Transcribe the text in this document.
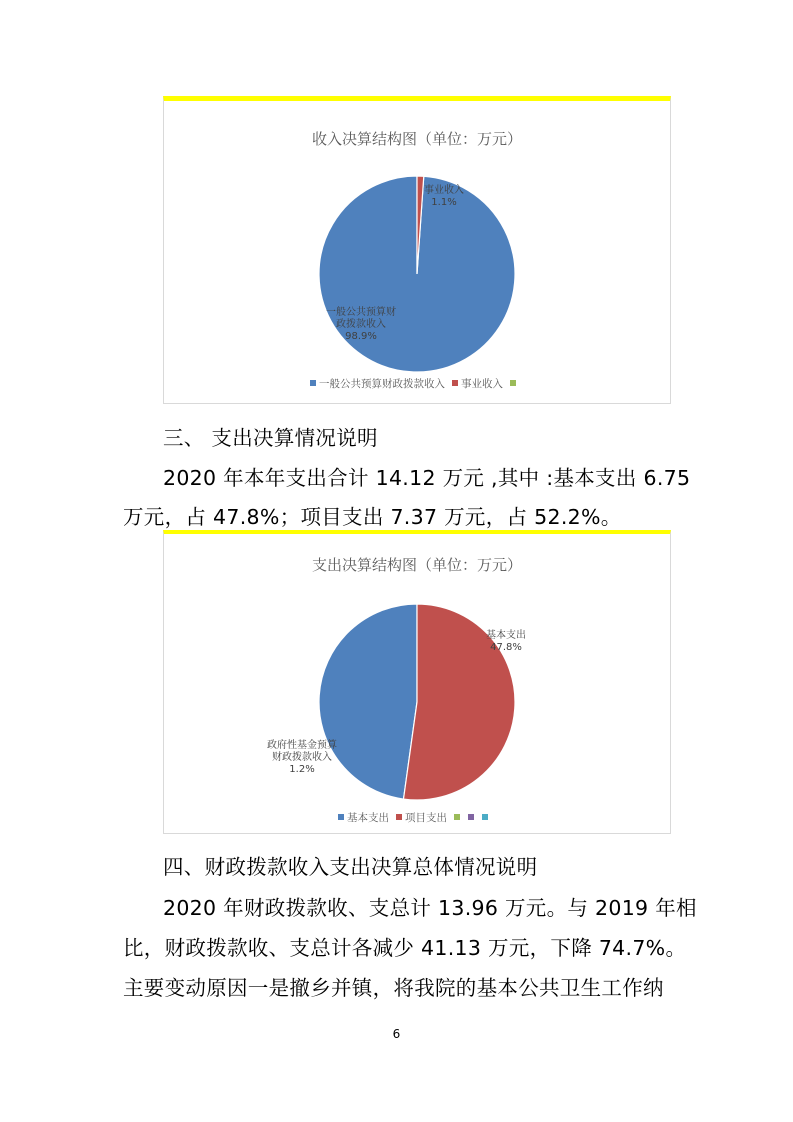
收入决算结构图（单位：万元）
一般公共预算财
政拨款收入
98.9%
事业收入
1.1%
一般公共预算财政拨款收入 事业收入
三、 支出决算情况说明
2020 年本年支出合计 14.12 万元 ,其中 :基本支出 6.75
万元，占 47.8%；项目支出 7.37 万元，占 52.2%。
支出决算结构图（单位：万元）
基本支出
47.8%
政府性基金预算
财政拨款收入
1.2%
基本支出 项目支出
四、财政拨款收入支出决算总体情况说明
2020 年财政拨款收、支总计 13.96 万元。与 2019 年相
比，财政拨款收、支总计各减少 41.13 万元，下降 74.7%。
主要变动原因一是撤乡并镇，将我院的基本公共卫生工作纳
6
